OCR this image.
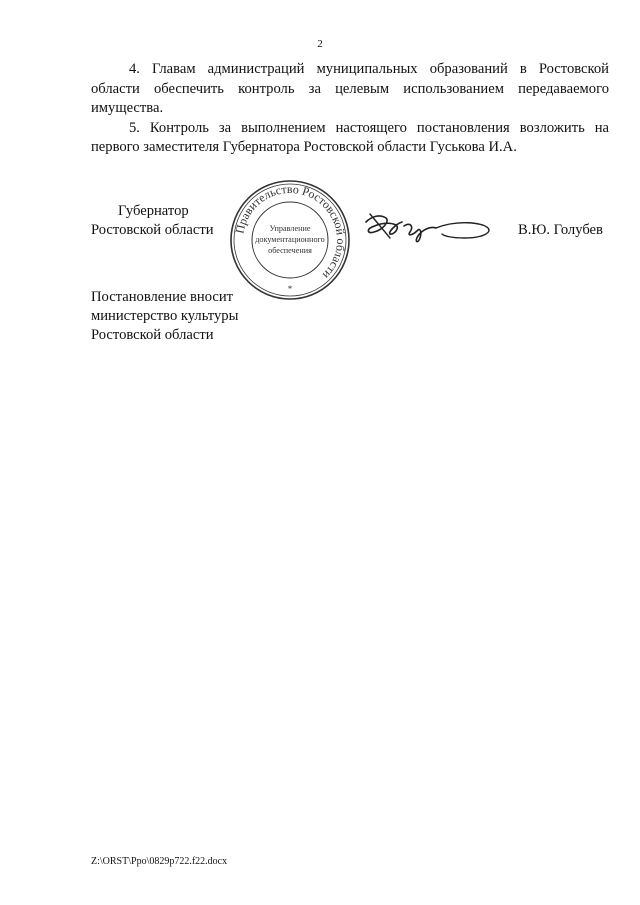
2

4. Главам администраций муниципальных образований в Ростовской области обеспечить контроль за целевым использованием передаваемого имущества.

5. Контроль за выполнением настоящего постановления возложить на первого заместителя Губернатора Ростовской области Гуськова И.А.

Губернатор
Ростовской области Правительство Ростовской области
Управление
документационного
обеспечения
*
В.Ю. Голубев
Постановление вносит
министерство культуры
Ростовской области
Z:\ORST\Ppo\0829p722.f22.docx
